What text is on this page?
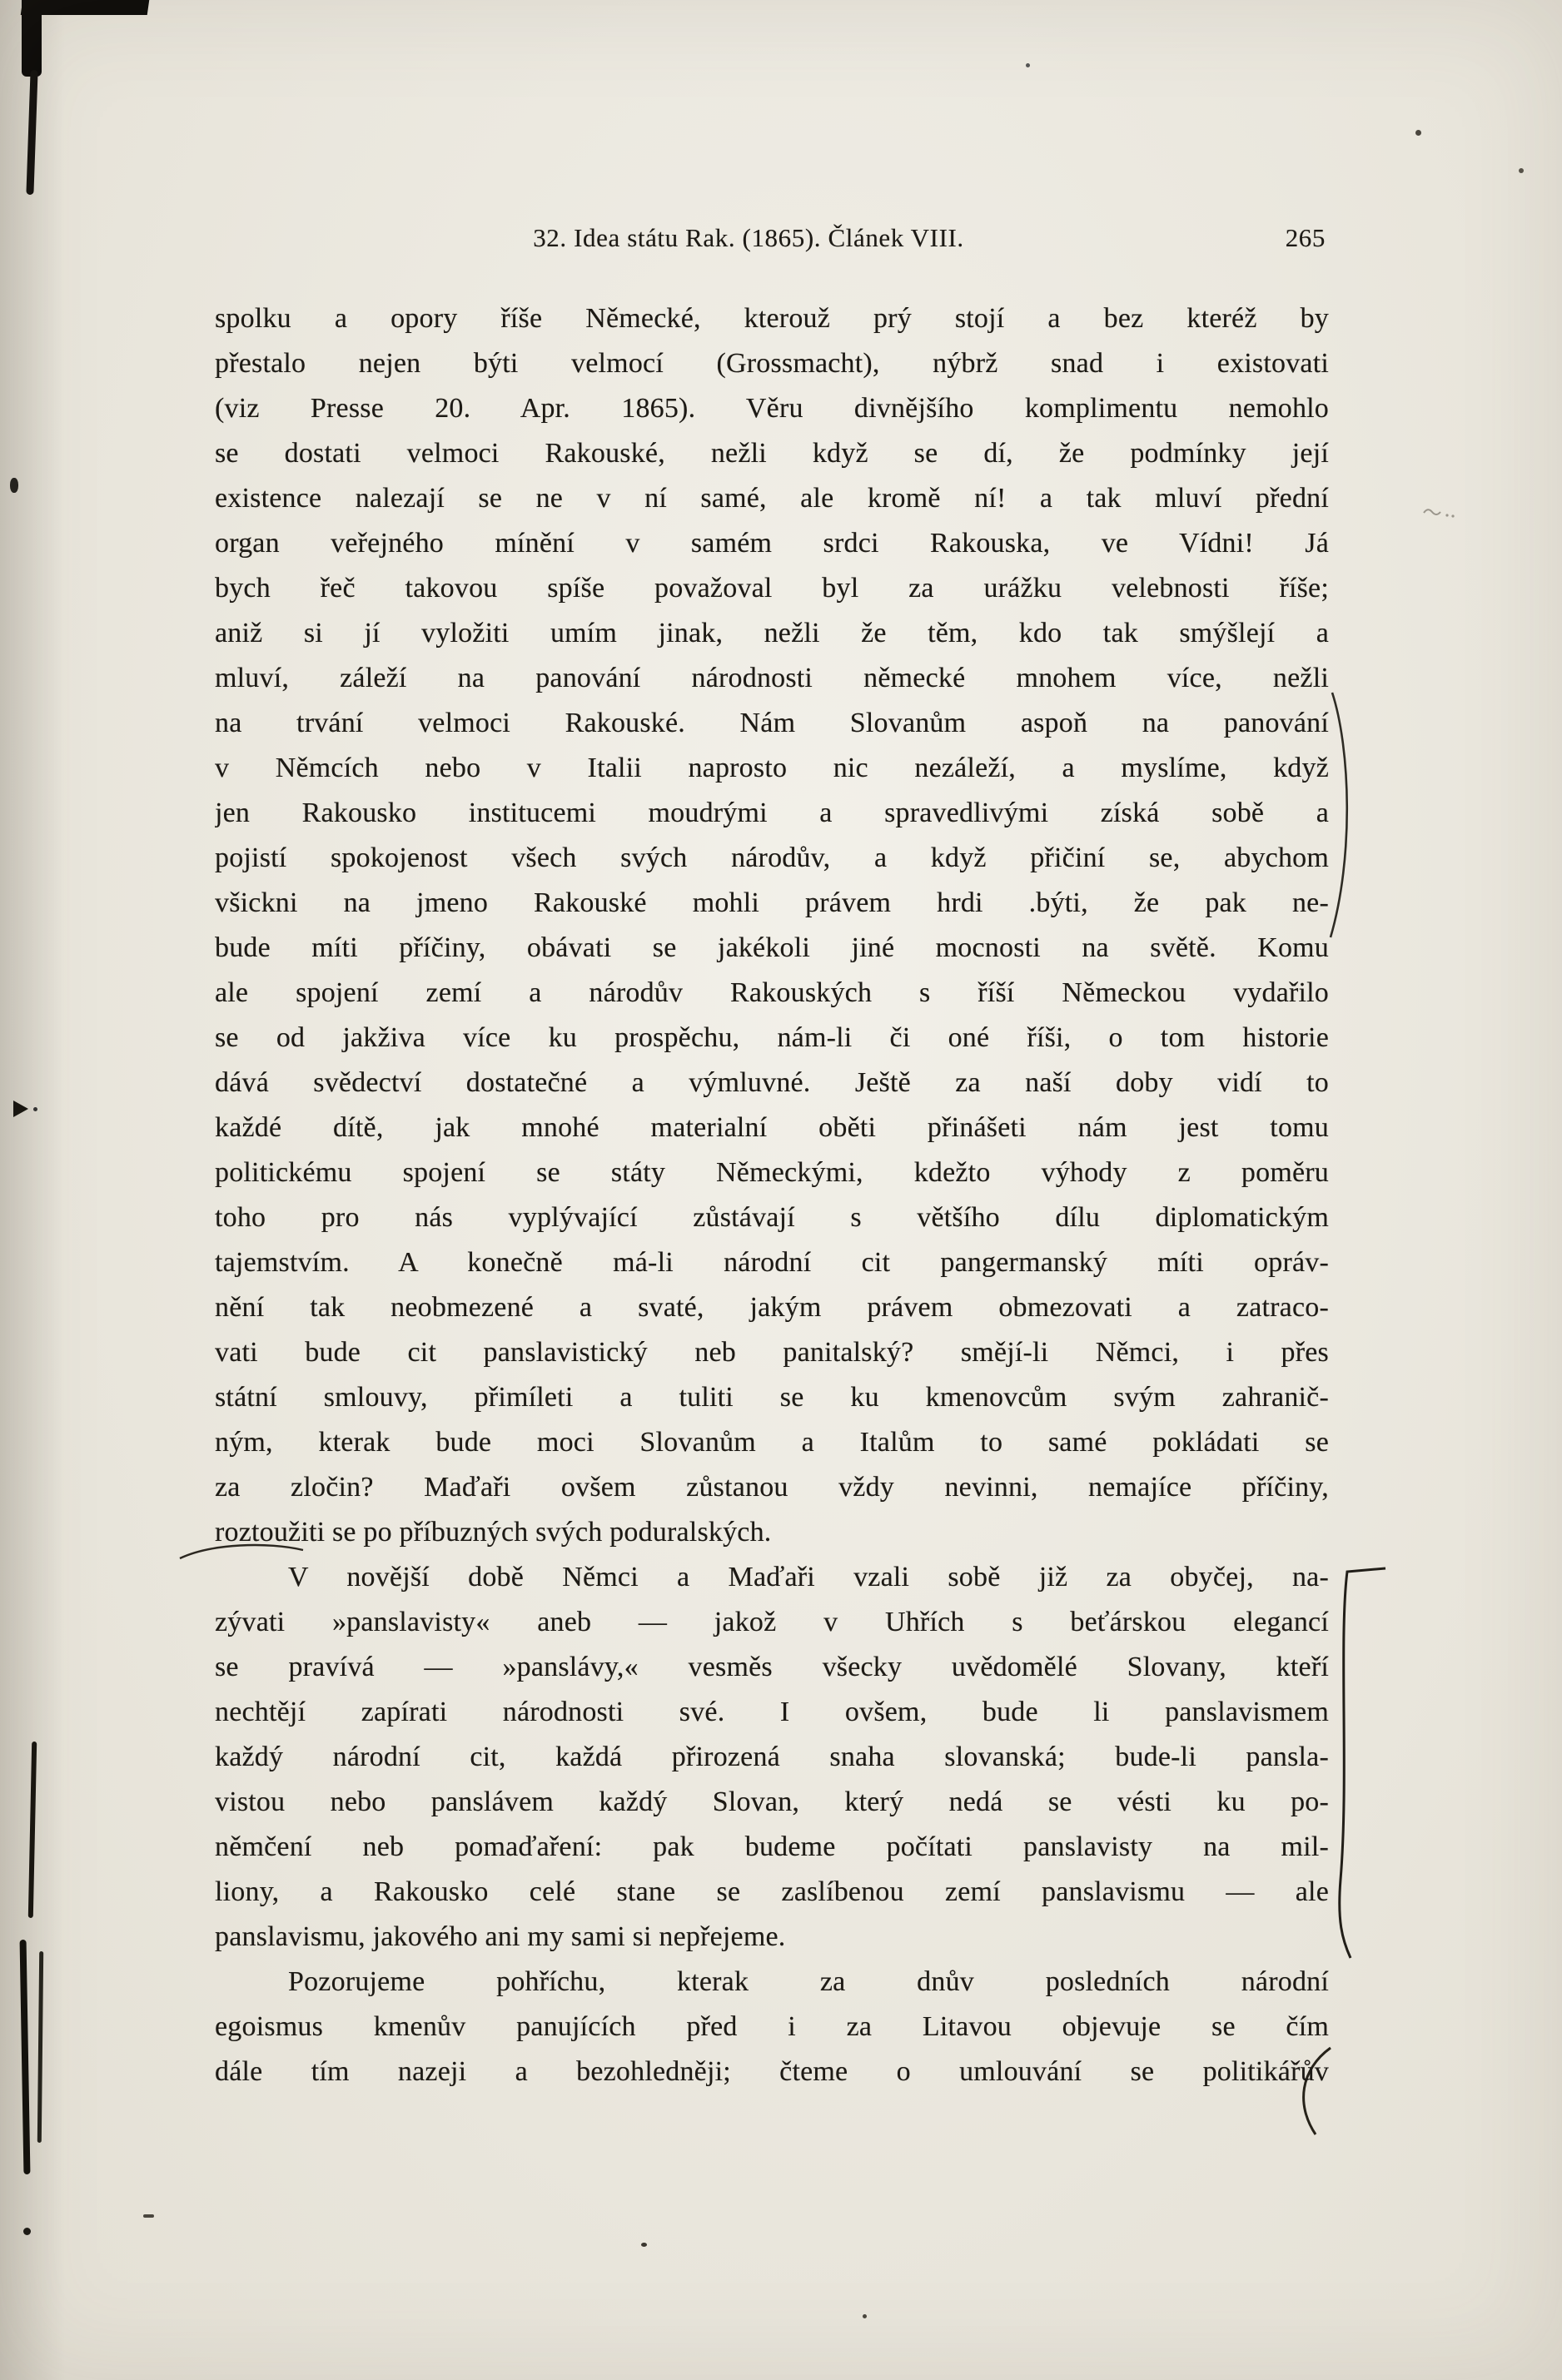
32. Idea státu Rak. (1865). Článek VIII.	265
spolku a opory říše Německé, kterouž prý stojí a bez kteréž by
přestalo nejen býti velmocí (Grossmacht), nýbrž snad i existovati
(viz Presse 20. Apr. 1865). Věru divnějšího komplimentu nemohlo
se dostati velmoci Rakouské, nežli když se dí, že podmínky její
existence nalezají se ne v ní samé, ale kromě ní! a tak mluví přední
organ veřejného mínění v samém srdci Rakouska, ve Vídni! Já
bych řeč takovou spíše považoval byl za urážku velebnosti říše;
aniž si jí vyložiti umím jinak, nežli že těm, kdo tak smýšlejí a
mluví, záleží na panování národnosti německé mnohem více, nežli
na trvání velmoci Rakouské. Nám Slovanům aspoň na panování
v Němcích nebo v Italii naprosto nic nezáleží, a myslíme, když
jen Rakousko institucemi moudrými a spravedlivými získá sobě a
pojistí spokojenost všech svých národův, a když přičiní se, abychom
všickni na jmeno Rakouské mohli právem hrdi .býti, že pak ne-
bude míti příčiny, obávati se jakékoli jiné mocnosti na světě. Komu
ale spojení zemí a národův Rakouských s říší Německou vydařilo
se od jakživa více ku prospěchu, nám-li či oné říši, o tom historie
dává svědectví dostatečné a výmluvné. Ještě za naší doby vidí to
každé dítě, jak mnohé materialní oběti přinášeti nám jest tomu
politickému spojení se státy Německými, kdežto výhody z poměru
toho pro nás vyplývající zůstávají s většího dílu diplomatickým
tajemstvím. A konečně má-li národní cit pangermanský míti opráv-
nění tak neobmezené a svaté, jakým právem obmezovati a zatraco-
vati bude cit panslavistický neb panitalský? smějí-li Němci, i přes
státní smlouvy, přimíleti a tuliti se ku kmenovcům svým zahranič-
ným, kterak bude moci Slovanům a Italům to samé pokládati se
za zločin? Maďaři ovšem zůstanou vždy nevinni, nemajíce příčiny,
roztoužiti se po příbuzných svých poduralských.
V novější době Němci a Maďaři vzali sobě již za obyčej, na-
zývati »panslavisty« aneb — jakož v Uhřích s beťárskou elegancí
se pravívá — »panslávy,« vesměs všecky uvědomělé Slovany, kteří
nechtějí zapírati národnosti své. I ovšem, bude li panslavismem
každý národní cit, každá přirozená snaha slovanská; bude-li pansla-
vistou nebo panslávem každý Slovan, který nedá se vésti ku po-
němčení neb pomaďaření: pak budeme počítati panslavisty na mil-
liony, a Rakousko celé stane se zaslíbenou zemí panslavismu — ale
panslavismu, jakového ani my sami si nepřejeme.
Pozorujeme pohříchu, kterak za dnův posledních národní
egoismus kmenův panujících před i za Litavou objevuje se čím
dále tím nazeji a bezohledněji; čteme o umlouvání se politikářův
